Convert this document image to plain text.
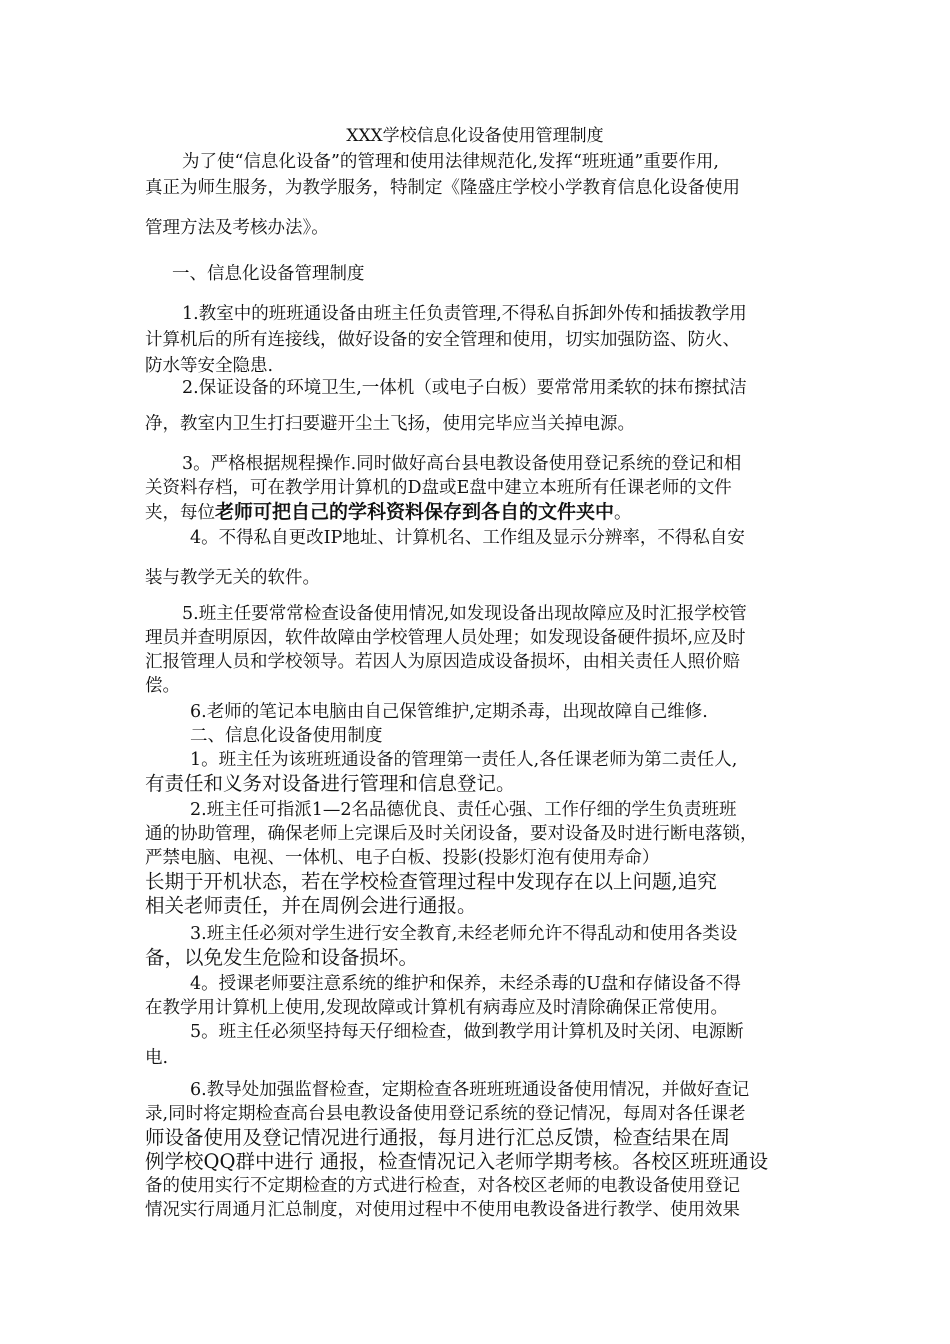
XXX学校信息化设备使用管理制度
为了使“信息化设备”的管理和使用法律规范化,发挥“班班通”重要作用,
真正为师生服务，为教学服务，特制定《隆盛庄学校小学教育信息化设备使用
管理方法及考核办法》。
一、信息化设备管理制度
1.教室中的班班通设备由班主任负责管理,不得私自拆卸外传和插拔教学用
计算机后的所有连接线，做好设备的安全管理和使用，切实加强防盗、防火、
防水等安全隐患.
2.保证设备的环境卫生,一体机（或电子白板）要常常用柔软的抹布擦拭洁
净，教室内卫生打扫要避开尘土飞扬，使用完毕应当关掉电源。
3。严格根据规程操作.同时做好高台县电教设备使用登记系统的登记和相
关资料存档，可在教学用计算机的D盘或E盘中建立本班所有任课老师的文件
夹，每位老师可把自己的学科资料保存到各自的文件夹中。
4。不得私自更改IP地址、计算机名、工作组及显示分辨率，不得私自安
装与教学无关的软件。
5.班主任要常常检查设备使用情况,如发现设备出现故障应及时汇报学校管
理员并查明原因，软件故障由学校管理人员处理；如发现设备硬件损坏,应及时
汇报管理人员和学校领导。若因人为原因造成设备损坏，由相关责任人照价赔
偿。
6.老师的笔记本电脑由自己保管维护,定期杀毒，出现故障自己维修.
二、信息化设备使用制度
1。班主任为该班班通设备的管理第一责任人,各任课老师为第二责任人,
有责任和义务对设备进行管理和信息登记。
2.班主任可指派1—2名品德优良、责任心强、工作仔细的学生负责班班
通的协助管理，确保老师上完课后及时关闭设备，要对设备及时进行断电落锁，
严禁电脑、电视、一体机、电子白板、投影(投影灯泡有使用寿命）
长期于开机状态，若在学校检查管理过程中发现存在以上问题,追究
相关老师责任，并在周例会进行通报。
3.班主任必须对学生进行安全教育,未经老师允许不得乱动和使用各类设
备，以免发生危险和设备损坏。
4。授课老师要注意系统的维护和保养，未经杀毒的U盘和存储设备不得
在教学用计算机上使用,发现故障或计算机有病毒应及时清除确保正常使用。
5。班主任必须坚持每天仔细检查，做到教学用计算机及时关闭、电源断
电.
6.教导处加强监督检查，定期检查各班班班通设备使用情况，并做好查记
录,同时将定期检查高台县电教设备使用登记系统的登记情况，每周对各任课老
师设备使用及登记情况进行通报，每月进行汇总反馈，检查结果在周
例学校QQ群中进行 通报，检查情况记入老师学期考核。各校区班班通设
备的使用实行不定期检查的方式进行检查，对各校区老师的电教设备使用登记
情况实行周通月汇总制度，对使用过程中不使用电教设备进行教学、使用效果
